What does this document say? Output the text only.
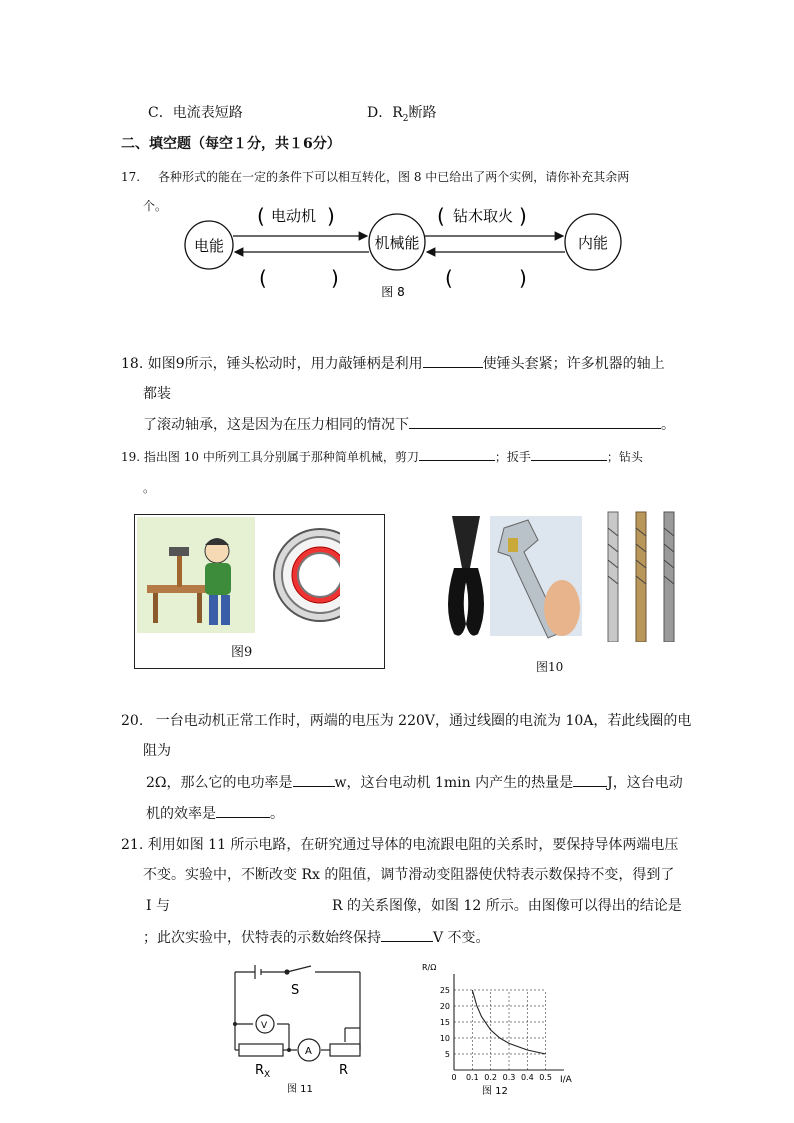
C．电流表短路	D．$R_2$断路
二、填空题（每空１分，共１6分）
17. 各种形式的能在一定的条件下可以相互转化，图 8 中已给出了两个实例，请你补充其余两
个。
电能	机械能	内能
( 电动机 )
(	)
( 钻木取火 )
(	)
图 8
18. 如图9所示，锤头松动时，用力敲锤柄是利用	使锤头套紧；许多机器的轴上
都装
了滚动轴承，这是因为在压力相同的情况下	。
19. 指出图 10 中所列工具分别属于那种简单机械，剪刀	；扳手	；钻头
。
图9
图10
20. 一台电动机正常工作时，两端的电压为 220V，通过线圈的电流为 10A，若此线圈的电
阻为
2Ω，那么它的电功率是	w，这台电动机 1min 内产生的热量是 J，这台电动
机的效率是	。
21. 利用如图 11 所示电路，在研究通过导体的电流跟电阻的关系时，要保持导体两端电压
不变。实验中，不断改变 Rx 的阻值，调节滑动变阻器使伏特表示数保持不变，得到了
I 与	R 的关系图像，如图 12 所示。由图像可以得出的结论是
；此次实验中，伏特表的示数始终保持	V 不变。
S
V
A
$R_X$	R
图 11
0 0.1 0.2 0.3 0.4 0.5
5
10
15
20
25
R/Ω
I/A
图 12
